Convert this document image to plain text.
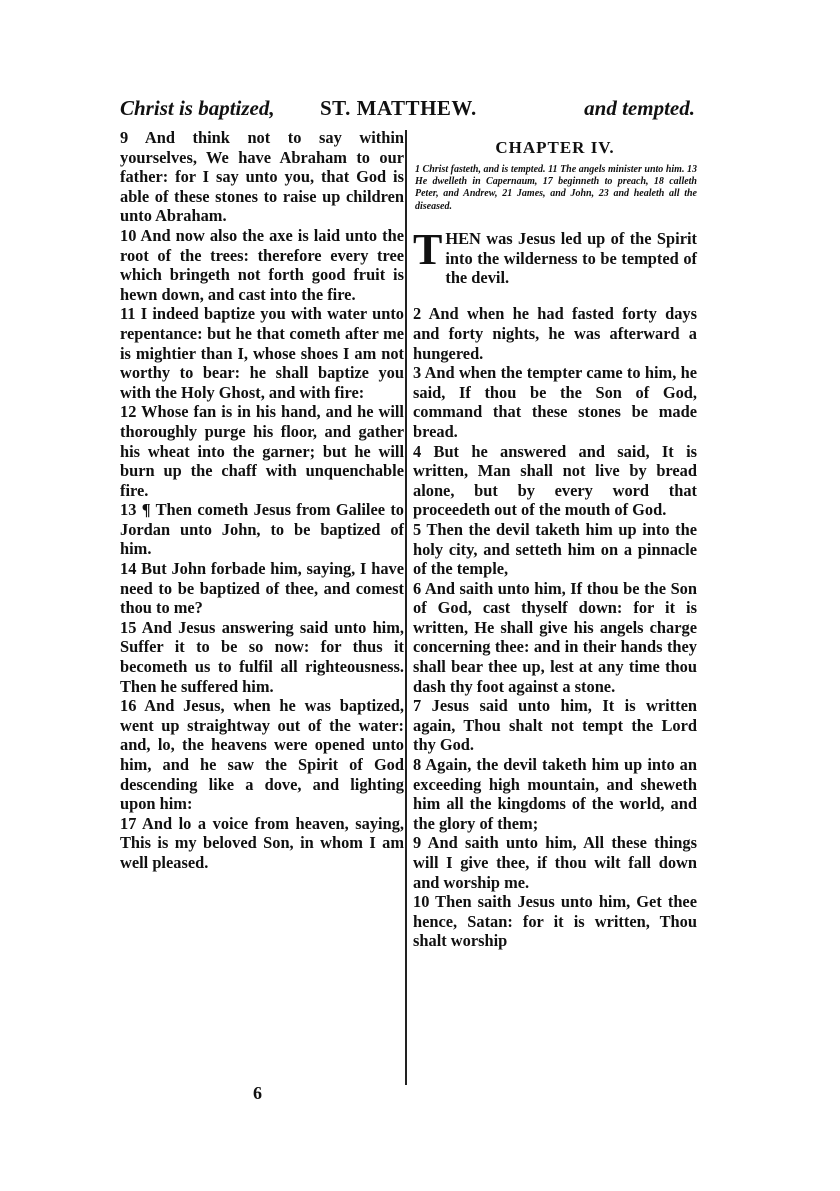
Christ is baptized, ST. MATTHEW.	and tempted.

9 And think not to say within yourselves, We have Abraham to our father: for I say unto you, that God is able of these stones to raise up children unto Abraham.

10 And now also the axe is laid unto the root of the trees: therefore every tree which bringeth not forth good fruit is hewn down, and cast into the fire.

11 I indeed baptize you with water unto repentance: but he that cometh after me is mightier than I, whose shoes I am not worthy to bear: he shall baptize you with the Holy Ghost, and with fire:

12 Whose fan is in his hand, and he will thoroughly purge his floor, and gather his wheat into the garner; but he will burn up the chaff with unquenchable fire.

13 ¶ Then cometh Jesus from Galilee to Jordan unto John, to be baptized of him.

14 But John forbade him, saying, I have need to be baptized of thee, and comest thou to me?

15 And Jesus answering said unto him, Suffer it to be so now: for thus it becometh us to fulfil all righteousness. Then he suffered him.

16 And Jesus, when he was baptized, went up straightway out of the water: and, lo, the heavens were opened unto him, and he saw the Spirit of God descending like a dove, and lighting upon him:

17 And lo a voice from heaven, saying, This is my beloved Son, in whom I am well pleased.

CHAPTER IV.

1 Christ fasteth, and is tempted. 11 The angels minister unto him. 13 He dwelleth in Capernaum, 17 beginneth to preach, 18 calleth Peter, and Andrew, 21 James, and John, 23 and healeth all the diseased.

THEN was Jesus led up of the Spirit into the wilderness to be tempted of the devil.

2 And when he had fasted forty days and forty nights, he was afterward a hungered.

3 And when the tempter came to him, he said, If thou be the Son of God, command that these stones be made bread.

4 But he answered and said, It is written, Man shall not live by bread alone, but by every word that proceedeth out of the mouth of God.

5 Then the devil taketh him up into the holy city, and setteth him on a pinnacle of the temple,

6 And saith unto him, If thou be the Son of God, cast thyself down: for it is written, He shall give his angels charge concerning thee: and in their hands they shall bear thee up, lest at any time thou dash thy foot against a stone.

7 Jesus said unto him, It is written again, Thou shalt not tempt the Lord thy God.

8 Again, the devil taketh him up into an exceeding high mountain, and sheweth him all the kingdoms of the world, and the glory of them;

9 And saith unto him, All these things will I give thee, if thou wilt fall down and worship me.

10 Then saith Jesus unto him, Get thee hence, Satan: for it is written, Thou shalt worship

6
